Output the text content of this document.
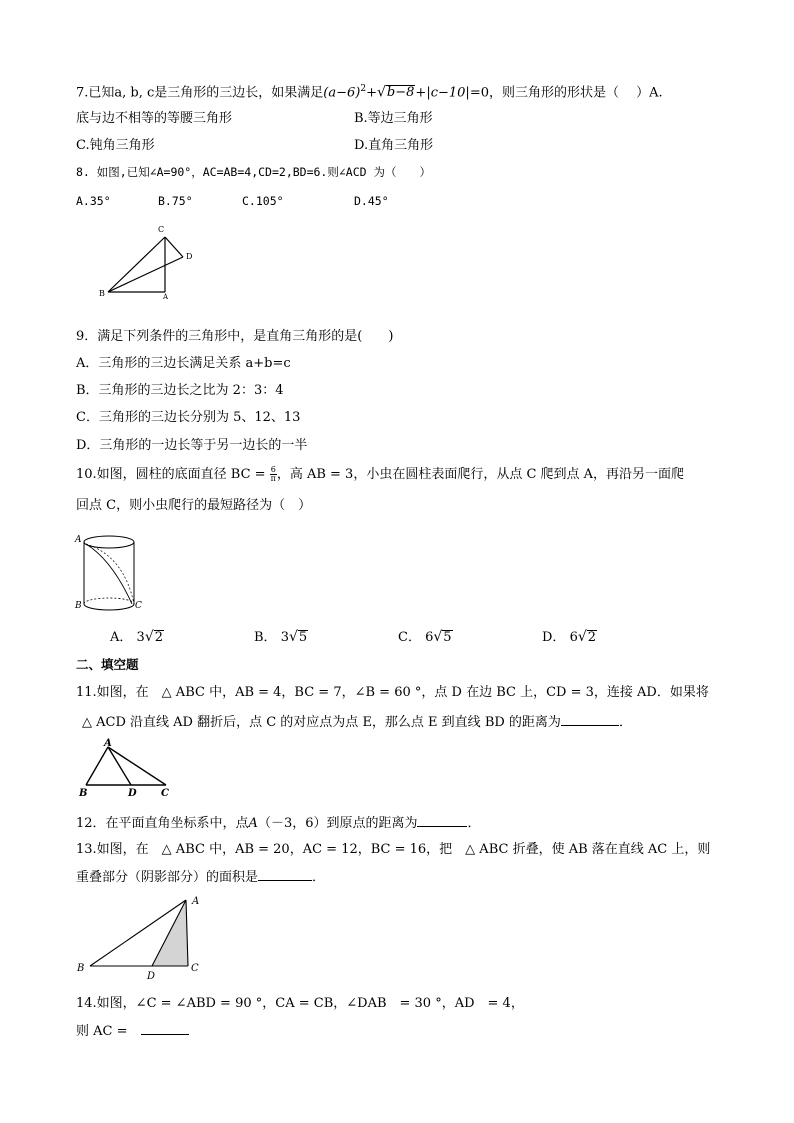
7.已知a, b, c是三角形的三边长，如果满足$(a-6)^2+√b-8+|c-10|=0$，则三角形的形状是（　 ）A.
底与边不相等的等腰三角形	B.等边三角形
C.钝角三角形	D.直角三角形
8. 如图,已知∠A=90°，AC=AB=4,CD=2,BD=6.则∠ACD 为（　　）
A.35°	B.75°	C.105°	D.45°
C
D
B	A
9．满足下列条件的三角形中，是直角三角形的是(　　)
A．三角形的三边长满足关系 a+b=c
B．三角形的三边长之比为 2：3：4
C．三角形的三边长分别为 5、12、13
D．三角形的一边长等于另一边长的一半
10.如图，圆柱的底面直径 BC = $\frac{6}{\pi}$ ，高 AB = 3，小虫在圆柱表面爬行，从点 C 爬到点 A，再沿另一面爬
回点 C，则小虫爬行的最短路径为（　）
A
B	C
A． 3√2	B． 3√5	C． 6√5	D． 6√2
二、填空题
11.如图，在　△ ABC 中，AB = 4，BC = 7，∠B = 60 °，点 D 在边 BC 上，CD = 3，连接 AD．如果将
△ ACD 沿直线 AD 翻折后，点 C 的对应点为点 E，那么点 E 到直线 BD 的距离为	．
A
B	D C
12．在平面直角坐标系中，点A（－3，6）到原点的距离为	．
13.如图，在　△ ABC 中，AB = 20，AC = 12，BC = 16，把　△ ABC 折叠，使 AB 落在直线 AC 上，则
重叠部分（阴影部分）的面积是	．
A
B
D
C
14.如图，∠C = ∠ABD = 90 °，CA = CB，∠DAB　= 30 °，AD　= 4，
则 AC =　
